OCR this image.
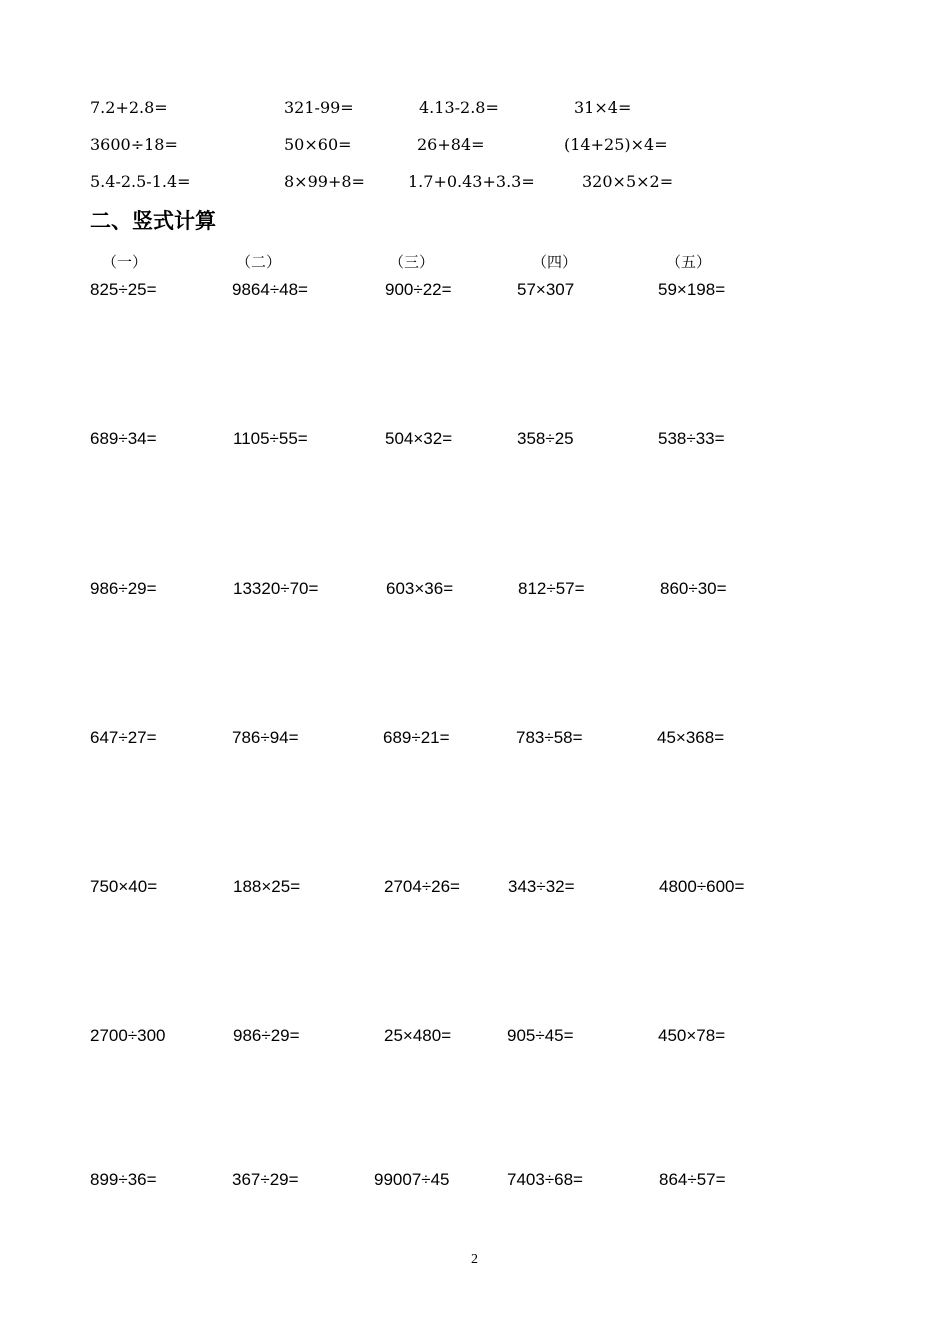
7.2+2.8=	321-99=	4.13-2.8=	31×4=
3600÷18=	50×60=	26+84=	(14+25)×4=
5.4-2.5-1.4=	8×99+8=	1.7+0.43+3.3=	320×5×2=
二、竖式计算
（一）	（二）	（三）	（四）	（五）
825÷25=	9864÷48=	900÷22=	57×307	59×198=
689÷34=	1105÷55=	504×32=	358÷25	538÷33=
986÷29=	13320÷70=	603×36=	812÷57=	860÷30=
647÷27=	786÷94=	689÷21=	783÷58=	45×368=
750×40=	188×25=	2704÷26=	343÷32=	4800÷600=
2700÷300	986÷29=	25×480=	905÷45=	450×78=
899÷36=	367÷29=	99007÷45	7403÷68=	864÷57=
2
